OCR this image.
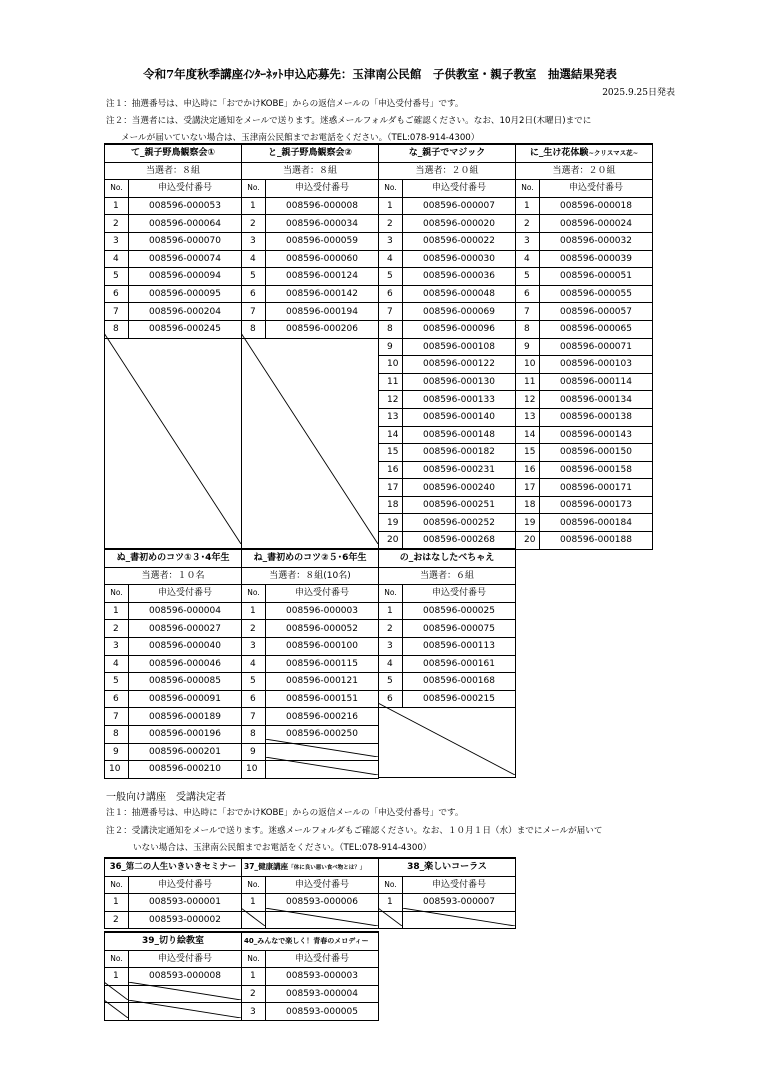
令和7年度秋季講座ｲﾝﾀｰﾈｯﾄ申込応募先：玉津南公民館　子供教室・親子教室　抽選結果発表
2025.9.25日発表
注１：抽選番号は、申込時に「おでかけKOBE」からの返信メールの「申込受付番号」です。
注２：当選者には、受講決定通知をメールで送ります。迷惑メールフォルダもご確認ください。なお、10月2日(木曜日)までに
メールが届いていない場合は、玉津南公民館までお電話をください。（TEL:078-914-4300）
て_親子野鳥観察会①	
当選者：８組	
No.	申込受付番号
1	008596-000053
2	008596-000064
3	008596-000070
4	008596-000074
5	008596-000094
6	008596-000095
7	008596-000204
8	008596-000245

と_親子野鳥観察会②	
当選者：８組	
No.	申込受付番号
1	008596-000008
2	008596-000034
3	008596-000059
4	008596-000060
5	008596-000124
6	008596-000142
7	008596-000194
8	008596-000206

な_親子でマジック	
当選者：２０組	
No.	申込受付番号
1	008596-000007
2	008596-000020
3	008596-000022
4	008596-000030
5	008596-000036
6	008596-000048
7	008596-000069
8	008596-000096
9	008596-000108
10	008596-000122
11	008596-000130
12	008596-000133
13	008596-000140
14	008596-000148
15	008596-000182
16	008596-000231
17	008596-000240
18	008596-000251
19	008596-000252
20	008596-000268
に_生け花体験~クリスマス花~	
当選者：２０組	
No.	申込受付番号
1	008596-000018
2	008596-000024
3	008596-000032
4	008596-000039
5	008596-000051
6	008596-000055
7	008596-000057
8	008596-000065
9	008596-000071
10	008596-000103
11	008596-000114
12	008596-000134
13	008596-000138
14	008596-000143
15	008596-000150
16	008596-000158
17	008596-000171
18	008596-000173
19	008596-000184
20	008596-000188
ぬ_書初めのコツ①３･4年生	
当選者：１０名	
No.	申込受付番号
1	008596-000004
2	008596-000027
3	008596-000040
4	008596-000046
5	008596-000085
6	008596-000091
7	008596-000189
8	008596-000196
9	008596-000201
10	008596-000210
ね_書初めのコツ②５･6年生	
当選者：８組(10名)	
No.	申込受付番号
1	008596-000003
2	008596-000052
3	008596-000100
4	008596-000115
5	008596-000121
6	008596-000151
7	008596-000216
8	008596-000250
9	
10	
の_おはなしたべちゃえ	
当選者：６組	
No.	申込受付番号
1	008596-000025
2	008596-000075
3	008596-000113
4	008596-000161
5	008596-000168
6	008596-000215

一般向け講座　受講決定者
注１：抽選番号は、申込時に「おでかけKOBE」からの返信メールの「申込受付番号」です。
注２：受講決定通知をメールで送ります。迷惑メールフォルダもご確認ください。なお、１０月１日（水）までにメールが届いて
いない場合は、玉津南公民館までお電話をください。（TEL:078-914-4300）
36_第二の人生いきいきセミナー	
No.	申込受付番号
1	008593-000001
2	008593-000002
37_健康講座「体に良い悪い食べ物とは？」	
No.	申込受付番号
1	008593-000006

38_楽しいコーラス	
No.	申込受付番号
1	008593-000007

39_切り絵教室	
No.	申込受付番号
1	008593-000008

40_みんなで楽しく！青春のメロディー	
No.	申込受付番号
1	008593-000003
2	008593-000004
3	008593-000005
